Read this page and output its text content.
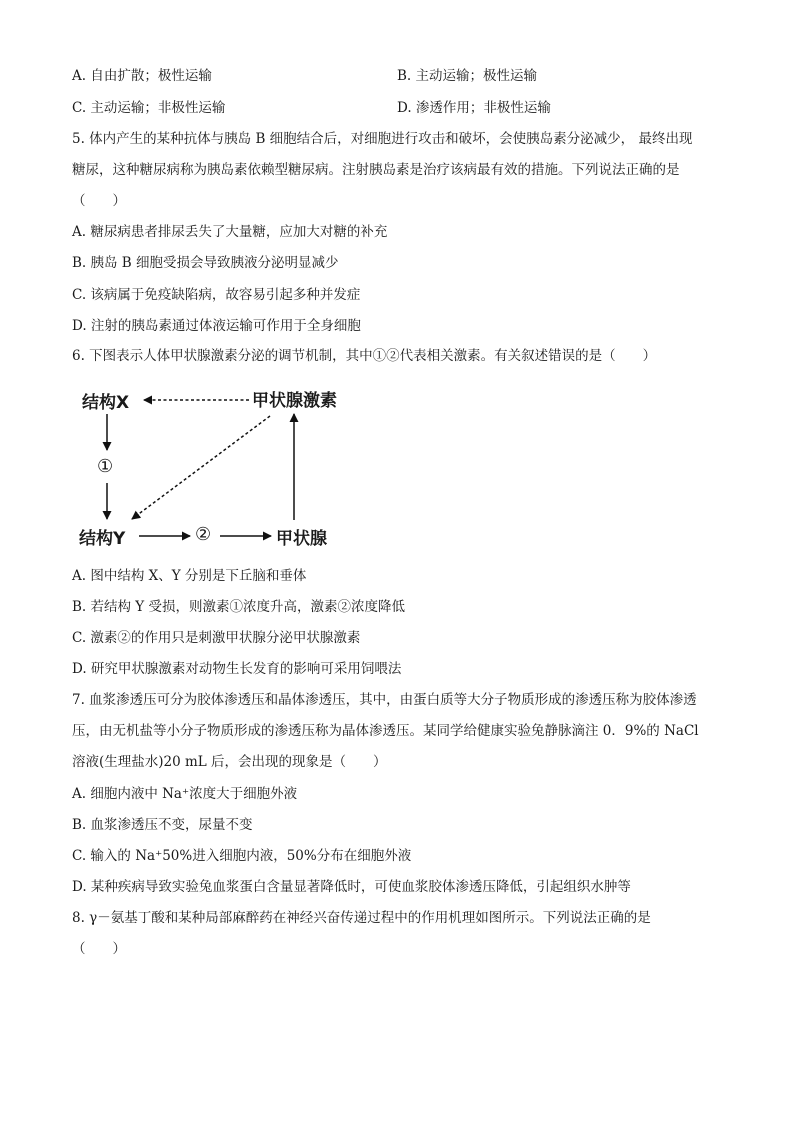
A. 自由扩散；极性运输	B. 主动运输；极性运输
C. 主动运输；非极性运输	D. 渗透作用；非极性运输
5. 体内产生的某种抗体与胰岛 B 细胞结合后，对细胞进行攻击和破坏，会使胰岛素分泌减少， 最终出现
糖尿，这种糖尿病称为胰岛素依赖型糖尿病。注射胰岛素是治疗该病最有效的措施。下列说法正确的是
（　　）
A. 糖尿病患者排尿丢失了大量糖，应加大对糖的补充
B. 胰岛 B 细胞受损会导致胰液分泌明显减少
C. 该病属于免疫缺陷病，故容易引起多种并发症
D. 注射的胰岛素通过体液运输可作用于全身细胞
6. 下图表示人体甲状腺激素分泌的调节机制，其中①②代表相关激素。有关叙述错误的是（　　）
结构X	甲状腺激素
①
结构Y	②	甲状腺
A. 图中结构 X、Y 分别是下丘脑和垂体
B. 若结构 Y 受损，则激素①浓度升高，激素②浓度降低
C. 激素②的作用只是刺激甲状腺分泌甲状腺激素
D. 研究甲状腺激素对动物生长发育的影响可采用饲喂法
7. 血浆渗透压可分为胶体渗透压和晶体渗透压，其中，由蛋白质等大分子物质形成的渗透压称为胶体渗透
压，由无机盐等小分子物质形成的渗透压称为晶体渗透压。某同学给健康实验兔静脉滴注 0．9%的 NaCl
溶液(生理盐水)20 mL 后，会出现的现象是（　　）
A. 细胞内液中 Na⁺浓度大于细胞外液
B. 血浆渗透压不变，尿量不变
C. 输入的 Na⁺50%进入细胞内液，50%分布在细胞外液
D. 某种疾病导致实验兔血浆蛋白含量显著降低时，可使血浆胶体渗透压降低，引起组织水肿等
8. γ－氨基丁酸和某种局部麻醉药在神经兴奋传递过程中的作用机理如图所示。下列说法正确的是
（　　）
